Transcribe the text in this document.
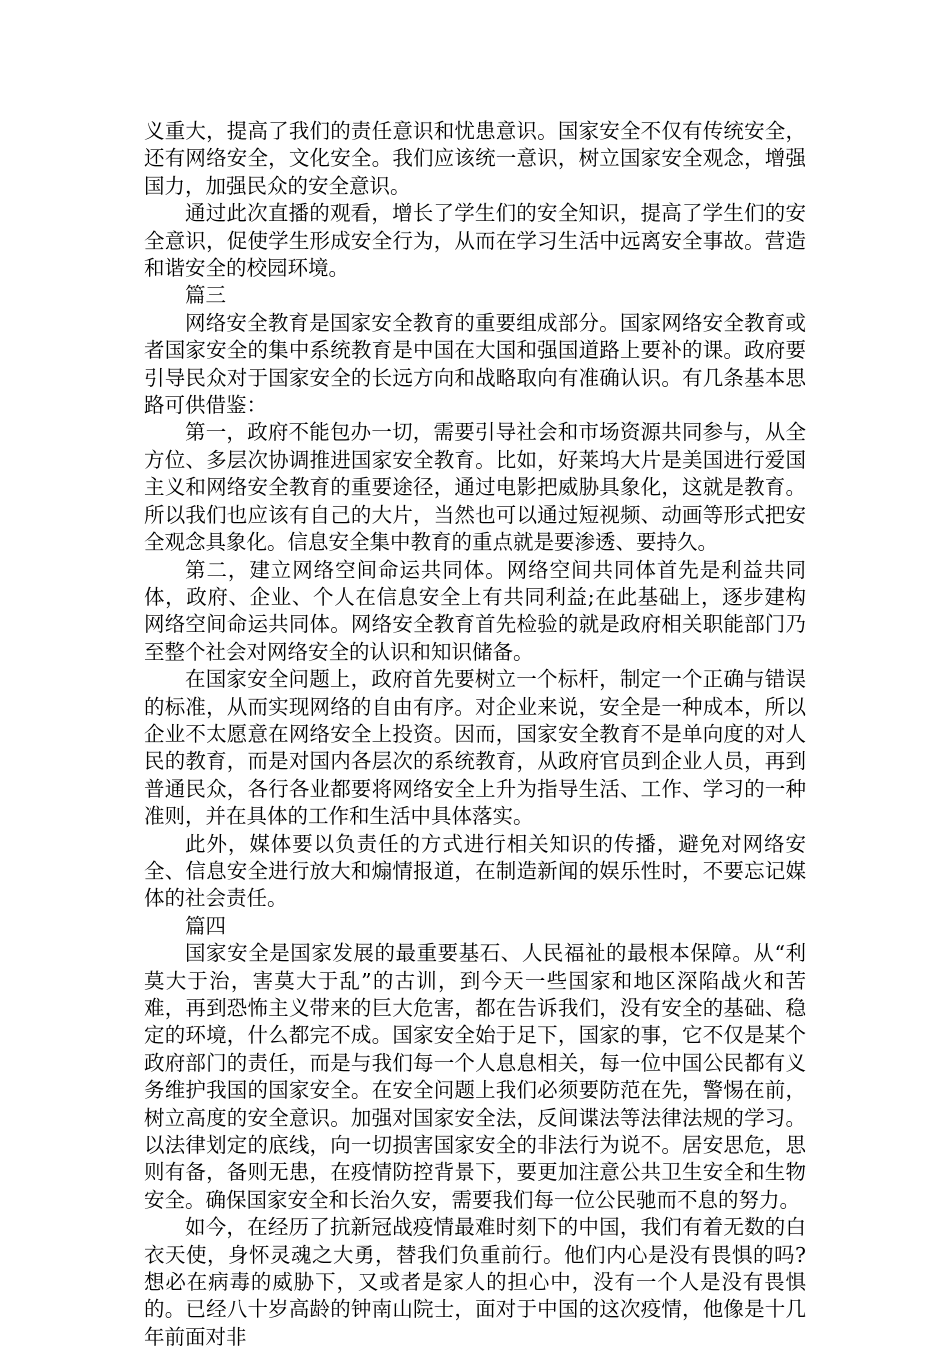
义重大，提高了我们的责任意识和忧患意识。国家安全不仅有传统安全，还有网络安全，文化安全。我们应该统一意识，树立国家安全观念，增强国力，加强民众的安全意识。

通过此次直播的观看，增长了学生们的安全知识，提高了学生们的安全意识，促使学生形成安全行为，从而在学习生活中远离安全事故。营造和谐安全的校园环境。

篇三

网络安全教育是国家安全教育的重要组成部分。国家网络安全教育或者国家安全的集中系统教育是中国在大国和强国道路上要补的课。政府要引导民众对于国家安全的长远方向和战略取向有准确认识。有几条基本思路可供借鉴：

第一，政府不能包办一切，需要引导社会和市场资源共同参与，从全方位、多层次协调推进国家安全教育。比如，好莱坞大片是美国进行爱国主义和网络安全教育的重要途径，通过电影把威胁具象化，这就是教育。所以我们也应该有自己的大片，当然也可以通过短视频、动画等形式把安全观念具象化。信息安全集中教育的重点就是要渗透、要持久。

第二，建立网络空间命运共同体。网络空间共同体首先是利益共同体，政府、企业、个人在信息安全上有共同利益;在此基础上，逐步建构网络空间命运共同体。网络安全教育首先检验的就是政府相关职能部门乃至整个社会对网络安全的认识和知识储备。

在国家安全问题上，政府首先要树立一个标杆，制定一个正确与错误的标准，从而实现网络的自由有序。对企业来说，安全是一种成本，所以企业不太愿意在网络安全上投资。因而，国家安全教育不是单向度的对人民的教育，而是对国内各层次的系统教育，从政府官员到企业人员，再到普通民众，各行各业都要将网络安全上升为指导生活、工作、学习的一种准则，并在具体的工作和生活中具体落实。

此外，媒体要以负责任的方式进行相关知识的传播，避免对网络安全、信息安全进行放大和煽情报道，在制造新闻的娱乐性时，不要忘记媒体的社会责任。

篇四

国家安全是国家发展的最重要基石、人民福祉的最根本保障。从“利莫大于治，害莫大于乱”的古训，到今天一些国家和地区深陷战火和苦难，再到恐怖主义带来的巨大危害，都在告诉我们，没有安全的基础、稳定的环境，什么都完不成。国家安全始于足下，国家的事，它不仅是某个政府部门的责任，而是与我们每一个人息息相关，每一位中国公民都有义务维护我国的国家安全。在安全问题上我们必须要防范在先，警惕在前，树立高度的安全意识。加强对国家安全法，反间谍法等法律法规的学习。以法律划定的底线，向一切损害国家安全的非法行为说不。居安思危，思则有备，备则无患，在疫情防控背景下，要更加注意公共卫生安全和生物安全。确保国家安全和长治久安，需要我们每一位公民驰而不息的努力。

如今，在经历了抗新冠战疫情最难时刻下的中国，我们有着无数的白衣天使，身怀灵魂之大勇，替我们负重前行。他们内心是没有畏惧的吗?想必在病毒的威胁下，又或者是家人的担心中，没有一个人是没有畏惧的。已经八十岁高龄的钟南山院士，面对于中国的这次疫情，他像是十几年前面对非
